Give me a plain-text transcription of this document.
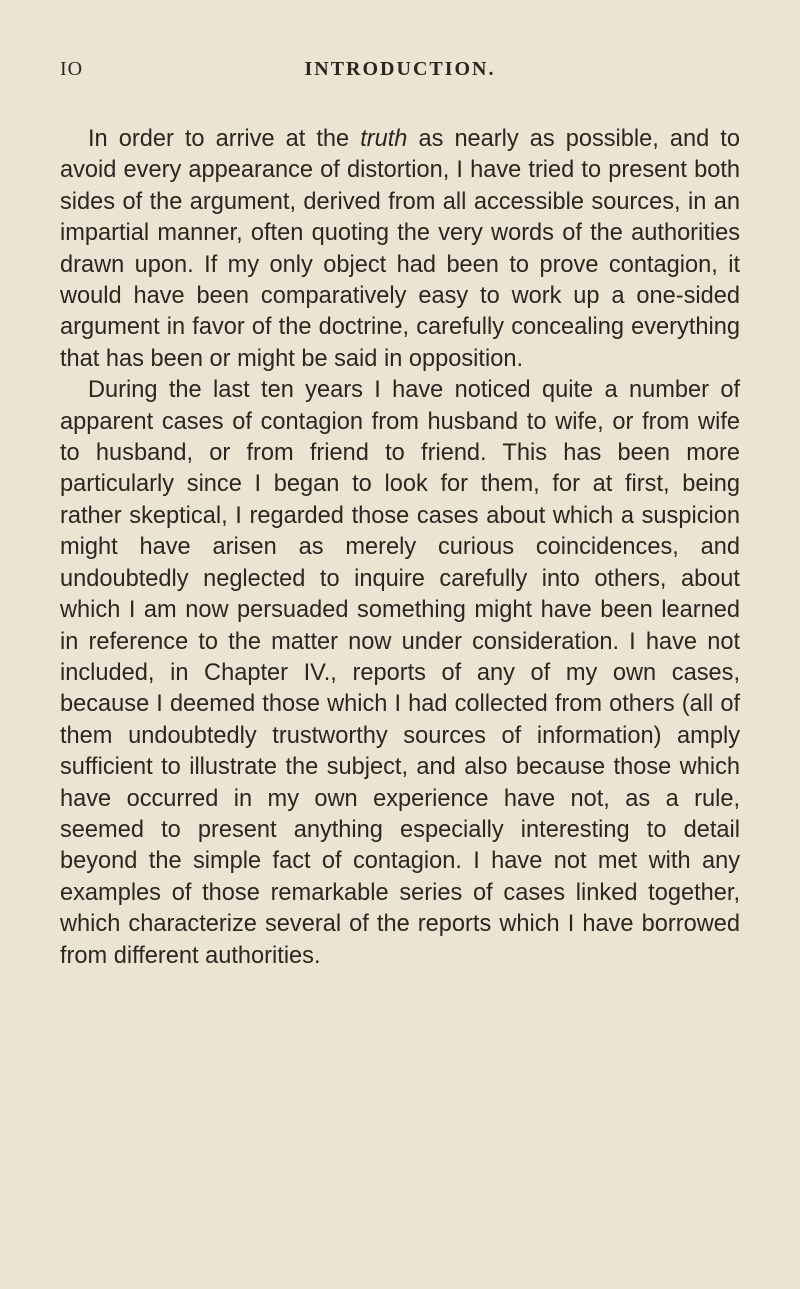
IO	INTRODUCTION.

In order to arrive at the truth as nearly as possible, and to avoid every appearance of distortion, I have tried to present both sides of the argument, derived from all accessible sources, in an impartial manner, often quoting the very words of the authorities drawn upon. If my only object had been to prove contagion, it would have been comparatively easy to work up a one-sided argument in favor of the doctrine, carefully concealing everything that has been or might be said in opposition.

During the last ten years I have noticed quite a number of apparent cases of contagion from husband to wife, or from wife to husband, or from friend to friend. This has been more particularly since I began to look for them, for at first, being rather skeptical, I regarded those cases about which a suspicion might have arisen as merely curious coincidences, and undoubtedly neglected to inquire carefully into others, about which I am now persuaded something might have been learned in reference to the matter now under consideration. I have not included, in Chapter IV., reports of any of my own cases, because I deemed those which I had collected from others (all of them undoubtedly trustworthy sources of information) amply sufficient to illustrate the subject, and also because those which have occurred in my own experience have not, as a rule, seemed to present anything especially interesting to detail beyond the simple fact of contagion. I have not met with any examples of those remarkable series of cases linked together, which characterize several of the reports which I have borrowed from different authorities.
